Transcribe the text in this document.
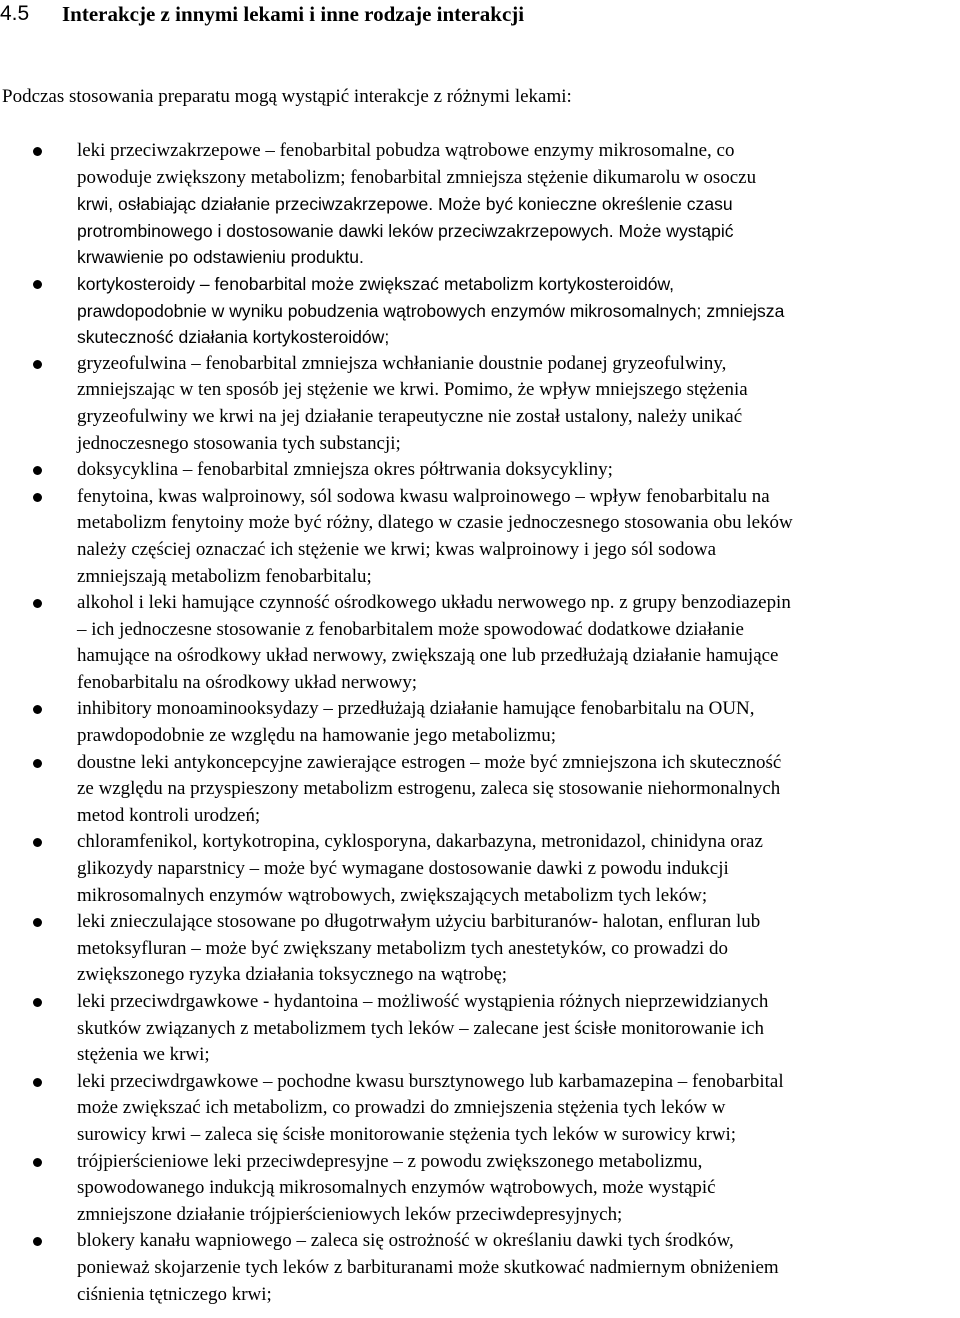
4.5	Interakcje z innymi lekami i inne rodzaje interakcji
Podczas stosowania preparatu mogą wystąpić interakcje z różnymi lekami:
leki przeciwzakrzepowe – fenobarbital pobudza wątrobowe enzymy mikrosomalne, co
powoduje zwiększony metabolizm; fenobarbital zmniejsza stężenie dikumarolu w osoczu
krwi, osłabiając działanie przeciwzakrzepowe. Może być konieczne określenie czasu
protrombinowego i dostosowanie dawki leków przeciwzakrzepowych. Może wystąpić
krwawienie po odstawieniu produktu.
kortykosteroidy – fenobarbital może zwiększać metabolizm kortykosteroidów,
prawdopodobnie w wyniku pobudzenia wątrobowych enzymów mikrosomalnych; zmniejsza
skuteczność działania kortykosteroidów;
gryzeofulwina – fenobarbital zmniejsza wchłanianie doustnie podanej gryzeofulwiny,
zmniejszając w ten sposób jej stężenie we krwi. Pomimo, że wpływ mniejszego stężenia
gryzeofulwiny we krwi na jej działanie terapeutyczne nie został ustalony, należy unikać
jednoczesnego stosowania tych substancji;
doksycyklina – fenobarbital zmniejsza okres półtrwania doksycykliny;
fenytoina, kwas walproinowy, sól sodowa kwasu walproinowego – wpływ fenobarbitalu na
metabolizm fenytoiny może być różny, dlatego w czasie jednoczesnego stosowania obu leków
należy częściej oznaczać ich stężenie we krwi; kwas walproinowy i jego sól sodowa
zmniejszają metabolizm fenobarbitalu;
alkohol i leki hamujące czynność ośrodkowego układu nerwowego np. z grupy benzodiazepin
– ich jednoczesne stosowanie z fenobarbitalem może spowodować dodatkowe działanie
hamujące na ośrodkowy układ nerwowy, zwiększają one lub przedłużają działanie hamujące
fenobarbitalu na ośrodkowy układ nerwowy;
inhibitory monoaminooksydazy – przedłużają działanie hamujące fenobarbitalu na OUN,
prawdopodobnie ze względu na hamowanie jego metabolizmu;
doustne leki antykoncepcyjne zawierające estrogen – może być zmniejszona ich skuteczność
ze względu na przyspieszony metabolizm estrogenu, zaleca się stosowanie niehormonalnych
metod kontroli urodzeń;
chloramfenikol, kortykotropina, cyklosporyna, dakarbazyna, metronidazol, chinidyna oraz
glikozydy naparstnicy – może być wymagane dostosowanie dawki z powodu indukcji
mikrosomalnych enzymów wątrobowych, zwiększających metabolizm tych leków;
leki znieczulające stosowane po długotrwałym użyciu barbituranów- halotan, enfluran lub
metoksyfluran – może być zwiększany metabolizm tych anestetyków, co prowadzi do
zwiększonego ryzyka działania toksycznego na wątrobę;
leki przeciwdrgawkowe - hydantoina – możliwość wystąpienia różnych nieprzewidzianych
skutków związanych z metabolizmem tych leków – zalecane jest ścisłe monitorowanie ich
stężenia we krwi;
leki przeciwdrgawkowe – pochodne kwasu bursztynowego lub karbamazepina – fenobarbital
może zwiększać ich metabolizm, co prowadzi do zmniejszenia stężenia tych leków w
surowicy krwi – zaleca się ścisłe monitorowanie stężenia tych leków w surowicy krwi;
trójpierścieniowe leki przeciwdepresyjne – z powodu zwiększonego metabolizmu,
spowodowanego indukcją mikrosomalnych enzymów wątrobowych, może wystąpić
zmniejszone działanie trójpierścieniowych leków przeciwdepresyjnych;
blokery kanału wapniowego – zaleca się ostrożność w określaniu dawki tych środków,
ponieważ skojarzenie tych leków z barbituranami może skutkować nadmiernym obniżeniem
ciśnienia tętniczego krwi;
